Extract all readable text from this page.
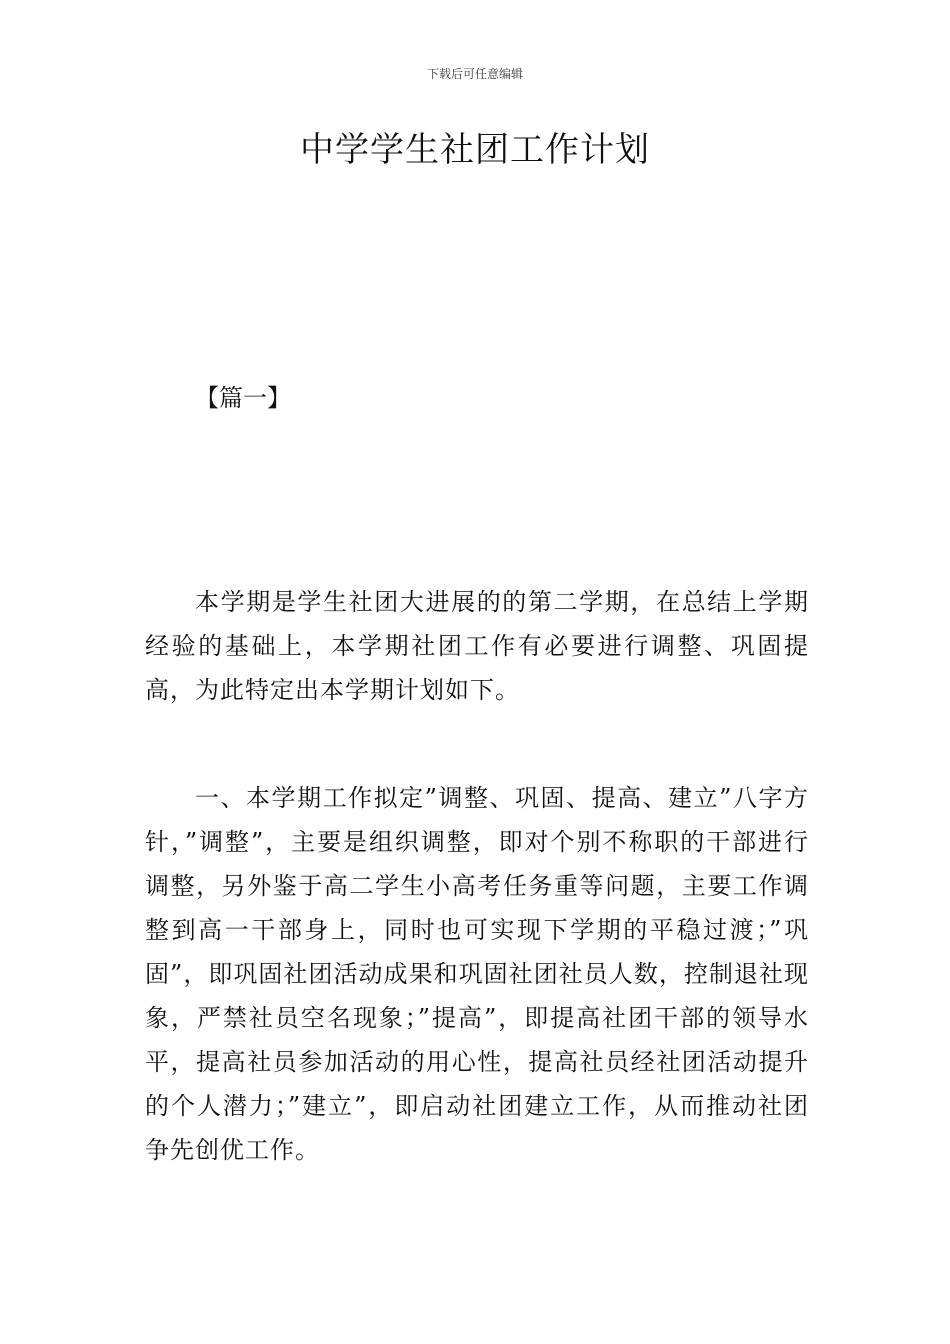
下载后可任意编辑
中学学生社团工作计划
【篇一】

本学期是学生社团大进展的的第二学期，在总结上学期经验的基础上，本学期社团工作有必要进行调整、巩固提高，为此特定出本学期计划如下。

一、本学期工作拟定”调整、巩固、提高、建立”八字方针，”调整”，主要是组织调整，即对个别不称职的干部进行调整，另外鉴于高二学生小高考任务重等问题，主要工作调整到高一干部身上，同时也可实现下学期的平稳过渡；”巩固”，即巩固社团活动成果和巩固社团社员人数，控制退社现象，严禁社员空名现象；”提高”，即提高社团干部的领导水平，提高社员参加活动的用心性，提高社员经社团活动提升的个人潜力；”建立”，即启动社团建立工作，从而推动社团争先创优工作。
